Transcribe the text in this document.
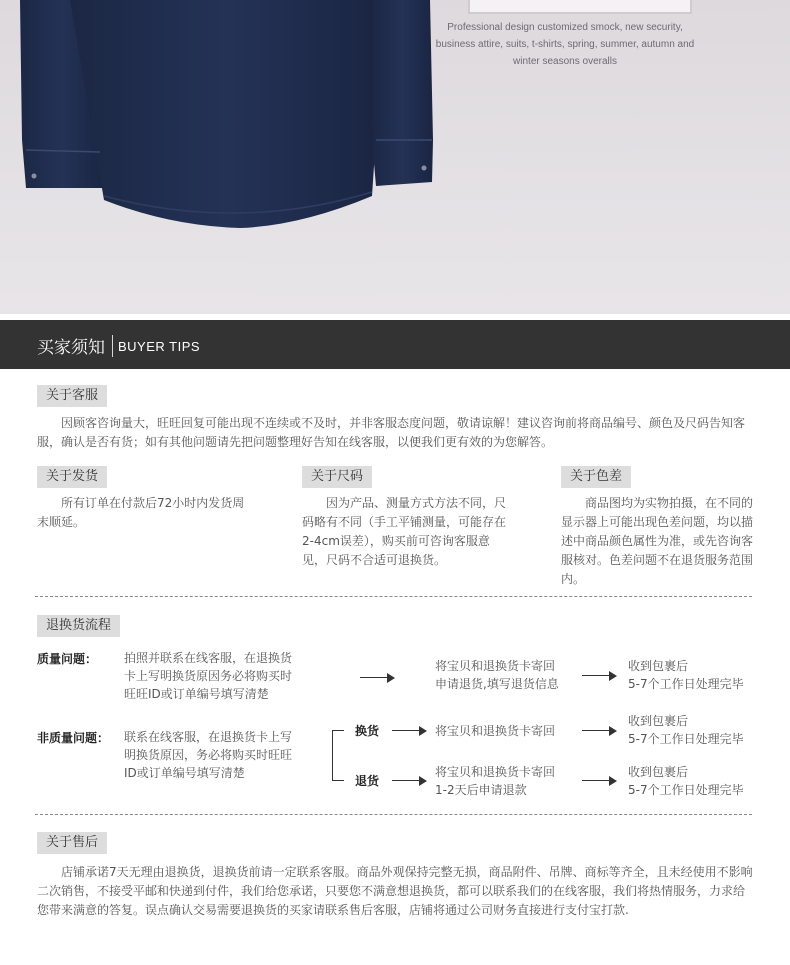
Professional design customized smock, new security,
business attire, suits, t-shirts, spring, summer, autumn and
winter seasons overalls
买家须知 BUYER TIPS
关于客服
因顾客咨询量大，旺旺回复可能出现不连续或不及时，并非客服态度问题，敬请谅解！建议咨询前将商品编号、颜色及尺码告知客服，确认是否有货；如有其他问题请先把问题整理好告知在线客服，以便我们更有效的为您解答。
关于发货
所有订单在付款后72小时内发货周末顺延。
关于尺码
因为产品、测量方式方法不同，尺码略有不同（手工平铺测量，可能存在2-4cm误差），购买前可咨询客服意见，尺码不合适可退换货。
关于色差
商品图均为实物拍摄，在不同的显示器上可能出现色差问题，均以描述中商品颜色属性为准，或先咨询客服核对。色差问题不在退货服务范围内。
退换货流程
质量问题： 拍照并联系在线客服，在退换货
卡上写明换货原因务必将购买时
旺旺ID或订单编号填写清楚
将宝贝和退换货卡寄回
申请退货,填写退货信息
收到包裹后
5-7个工作日处理完毕
非质量问题： 联系在线客服，在退换货卡上写
明换货原因，务必将购买时旺旺
ID或订单编号填写清楚
换货	将宝贝和退换货卡寄回
收到包裹后
5-7个工作日处理完毕
退货
将宝贝和退换货卡寄回
1-2天后申请退款
收到包裹后
5-7个工作日处理完毕
关于售后
店铺承诺7天无理由退换货，退换货前请一定联系客服。商品外观保持完整无损，商品附件、吊牌、商标等齐全，且未经使用不影响二次销售，不接受平邮和快递到付件，我们给您承诺，只要您不满意想退换货，都可以联系我们的在线客服，我们将热情服务，力求给您带来满意的答复。误点确认交易需要退换货的买家请联系售后客服，店铺将通过公司财务直接进行支付宝打款.
